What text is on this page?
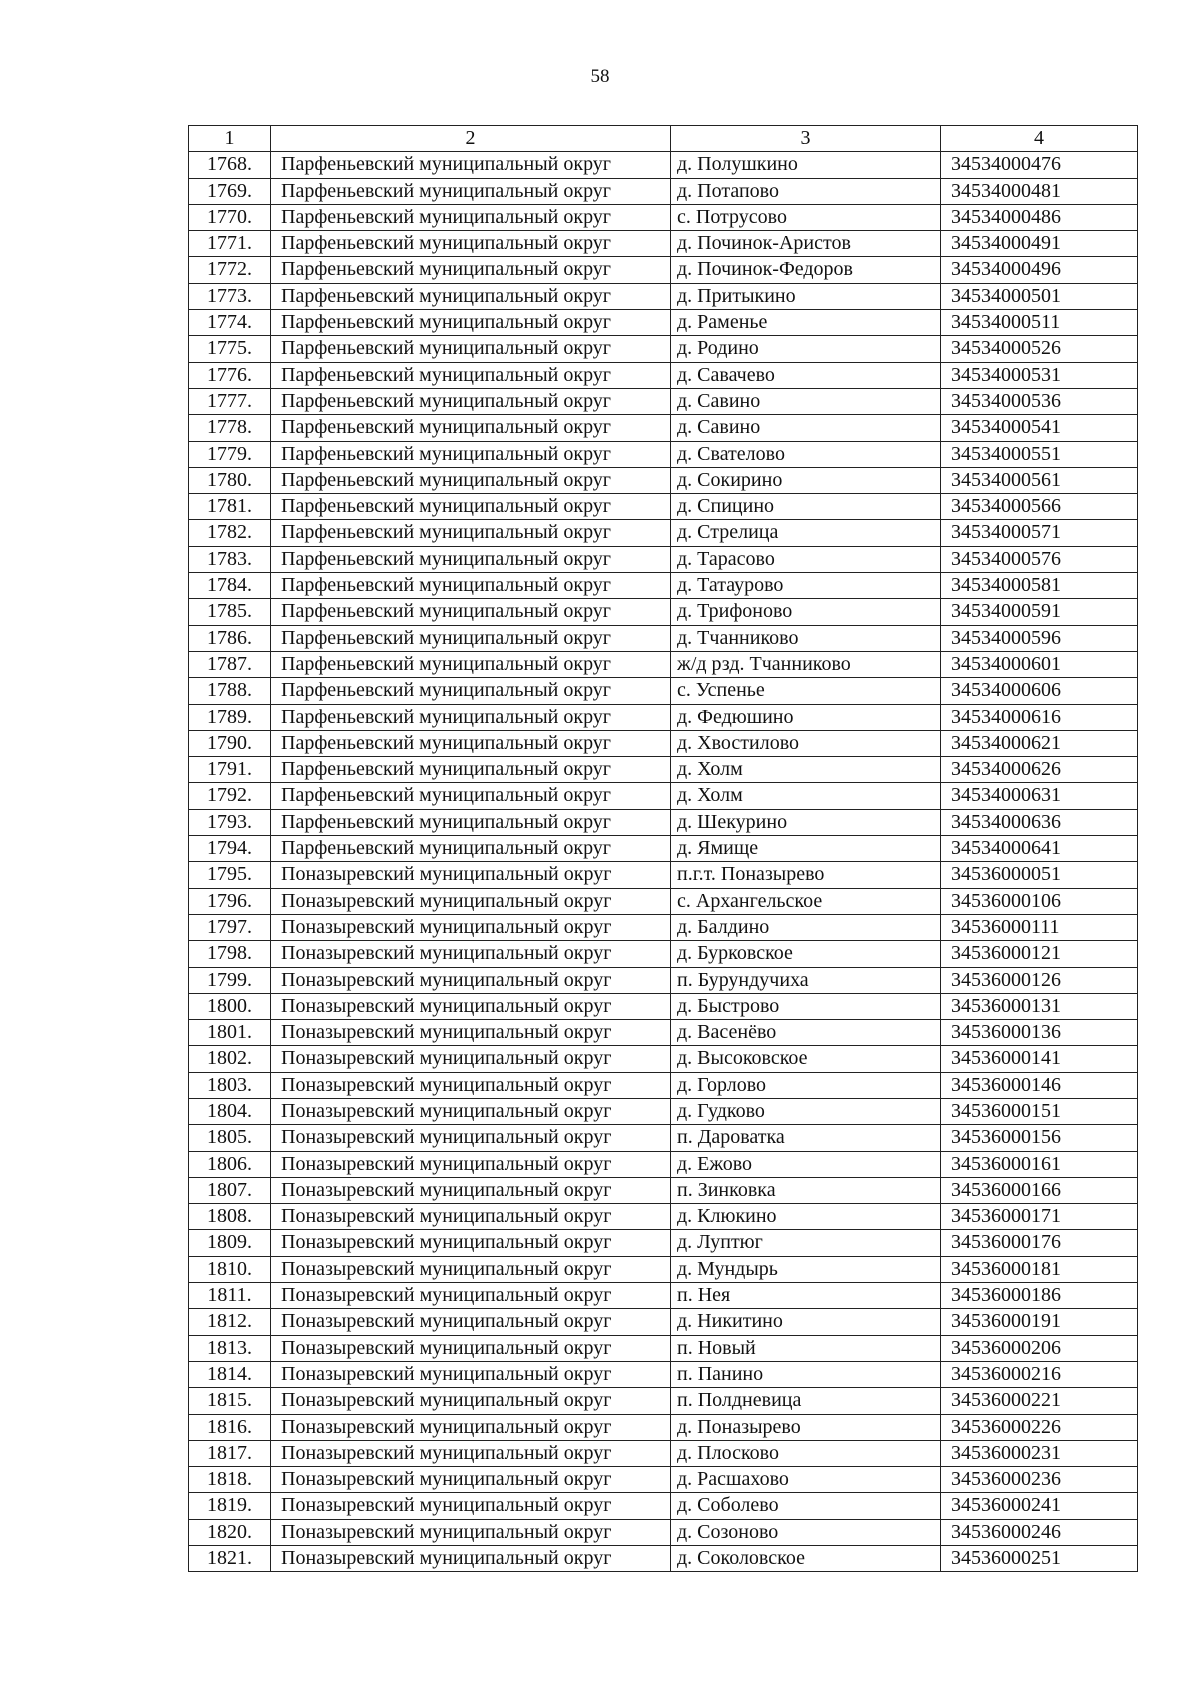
58
1	2	3	4
1768.	Парфеньевский муниципальный округ	д. Полушкино	34534000476
1769.	Парфеньевский муниципальный округ	д. Потапово	34534000481
1770.	Парфеньевский муниципальный округ	с. Потрусово	34534000486
1771.	Парфеньевский муниципальный округ	д. Починок-Аристов	34534000491
1772.	Парфеньевский муниципальный округ	д. Починок-Федоров	34534000496
1773.	Парфеньевский муниципальный округ	д. Притыкино	34534000501
1774.	Парфеньевский муниципальный округ	д. Раменье	34534000511
1775.	Парфеньевский муниципальный округ	д. Родино	34534000526
1776.	Парфеньевский муниципальный округ	д. Савачево	34534000531
1777.	Парфеньевский муниципальный округ	д. Савино	34534000536
1778.	Парфеньевский муниципальный округ	д. Савино	34534000541
1779.	Парфеньевский муниципальный округ	д. Свателово	34534000551
1780.	Парфеньевский муниципальный округ	д. Сокирино	34534000561
1781.	Парфеньевский муниципальный округ	д. Спицино	34534000566
1782.	Парфеньевский муниципальный округ	д. Стрелица	34534000571
1783.	Парфеньевский муниципальный округ	д. Тарасово	34534000576
1784.	Парфеньевский муниципальный округ	д. Татаурово	34534000581
1785.	Парфеньевский муниципальный округ	д. Трифоново	34534000591
1786.	Парфеньевский муниципальный округ	д. Тчанниково	34534000596
1787.	Парфеньевский муниципальный округ	ж/д рзд. Тчанниково	34534000601
1788.	Парфеньевский муниципальный округ	с. Успенье	34534000606
1789.	Парфеньевский муниципальный округ	д. Федюшино	34534000616
1790.	Парфеньевский муниципальный округ	д. Хвостилово	34534000621
1791.	Парфеньевский муниципальный округ	д. Холм	34534000626
1792.	Парфеньевский муниципальный округ	д. Холм	34534000631
1793.	Парфеньевский муниципальный округ	д. Шекурино	34534000636
1794.	Парфеньевский муниципальный округ	д. Ямище	34534000641
1795.	Поназыревский муниципальный округ	п.г.т. Поназырево	34536000051
1796.	Поназыревский муниципальный округ	с. Архангельское	34536000106
1797.	Поназыревский муниципальный округ	д. Балдино	34536000111
1798.	Поназыревский муниципальный округ	д. Бурковское	34536000121
1799.	Поназыревский муниципальный округ	п. Бурундучиха	34536000126
1800.	Поназыревский муниципальный округ	д. Быстрово	34536000131
1801.	Поназыревский муниципальный округ	д. Васенёво	34536000136
1802.	Поназыревский муниципальный округ	д. Высоковское	34536000141
1803.	Поназыревский муниципальный округ	д. Горлово	34536000146
1804.	Поназыревский муниципальный округ	д. Гудково	34536000151
1805.	Поназыревский муниципальный округ	п. Дароватка	34536000156
1806.	Поназыревский муниципальный округ	д. Ежово	34536000161
1807.	Поназыревский муниципальный округ	п. Зинковка	34536000166
1808.	Поназыревский муниципальный округ	д. Клюкино	34536000171
1809.	Поназыревский муниципальный округ	д. Луптюг	34536000176
1810.	Поназыревский муниципальный округ	д. Мундырь	34536000181
1811.	Поназыревский муниципальный округ	п. Нея	34536000186
1812.	Поназыревский муниципальный округ	д. Никитино	34536000191
1813.	Поназыревский муниципальный округ	п. Новый	34536000206
1814.	Поназыревский муниципальный округ	п. Панино	34536000216
1815.	Поназыревский муниципальный округ	п. Полдневица	34536000221
1816.	Поназыревский муниципальный округ	д. Поназырево	34536000226
1817.	Поназыревский муниципальный округ	д. Плосково	34536000231
1818.	Поназыревский муниципальный округ	д. Расшахово	34536000236
1819.	Поназыревский муниципальный округ	д. Соболево	34536000241
1820.	Поназыревский муниципальный округ	д. Созоново	34536000246
1821.	Поназыревский муниципальный округ	д. Соколовское	34536000251
